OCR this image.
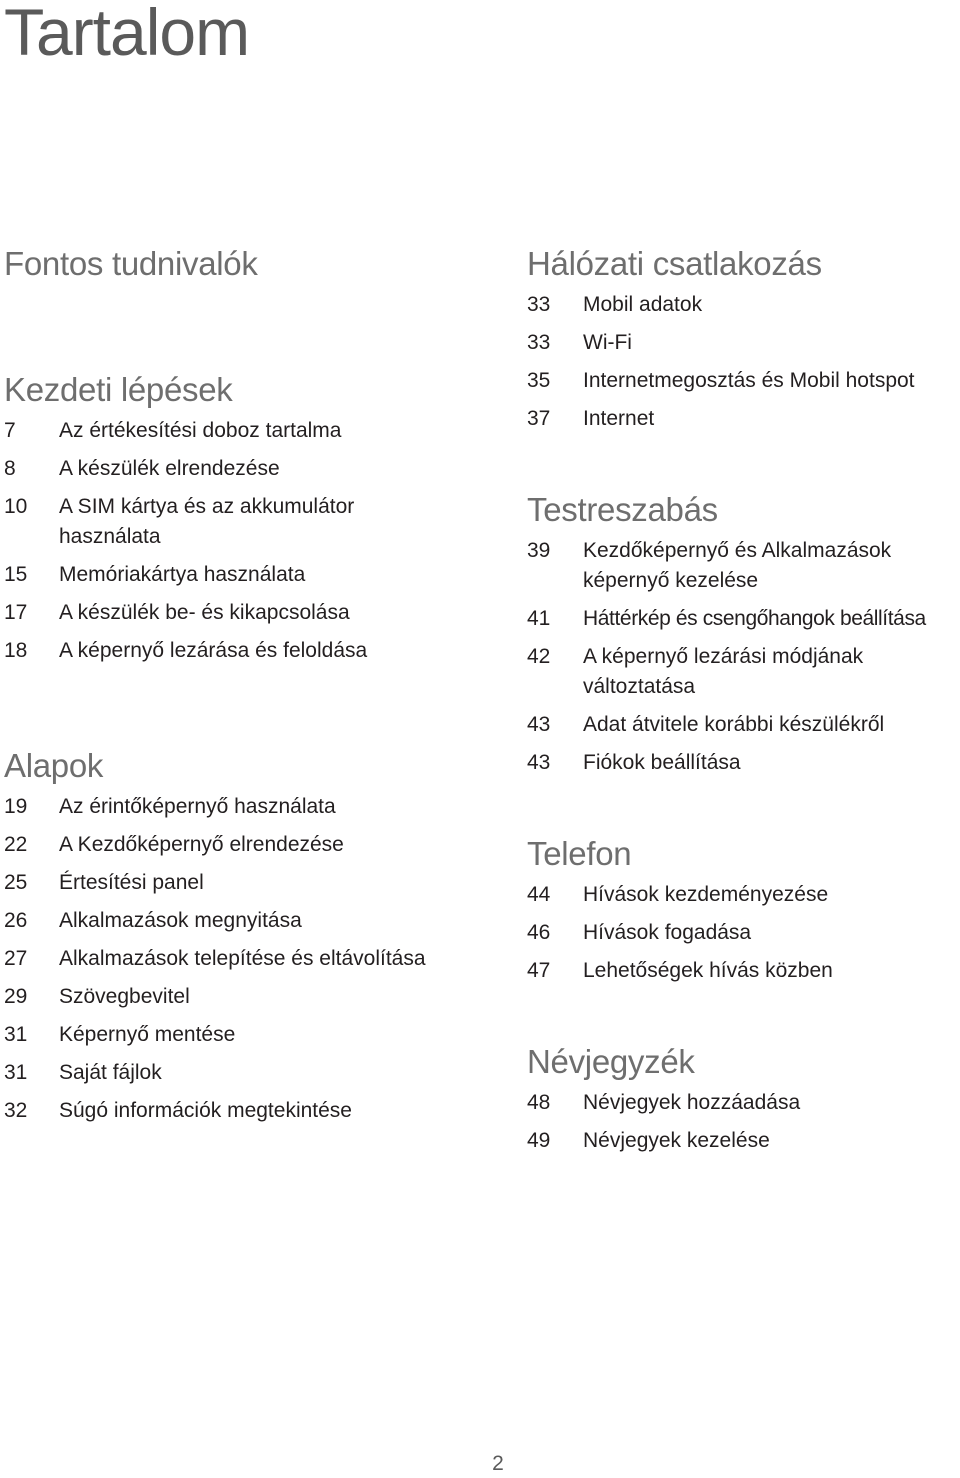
Tartalom
Fontos tudnivalók
Kezdeti lépések
7	Az értékesítési doboz tartalma
8	A készülék elrendezése
10	A SIM kártya és az akkumulátor használata
15	Memóriakártya használata
17	A készülék be- és kikapcsolása
18	A képernyő lezárása és feloldása
Alapok
19	Az érintőképernyő használata
22	A Kezdőképernyő elrendezése
25	Értesítési panel
26	Alkalmazások megnyitása
27	Alkalmazások telepítése és eltávolítása
29	Szövegbevitel
31	Képernyő mentése
31	Saját fájlok
32	Súgó információk megtekintése
Hálózati csatlakozás
33	Mobil adatok
33	Wi-Fi
35	Internetmegosztás és Mobil hotspot
37	Internet
Testreszabás
39	Kezdőképernyő és Alkalmazások képernyő kezelése
41	Háttérkép és csengőhangok beállítása
42	A képernyő lezárási módjának változtatása
43	Adat átvitele korábbi készülékről
43	Fiókok beállítása
Telefon
44	Hívások kezdeményezése
46	Hívások fogadása
47	Lehetőségek hívás közben
Névjegyzék
48	Névjegyek hozzáadása
49	Névjegyek kezelése
2
